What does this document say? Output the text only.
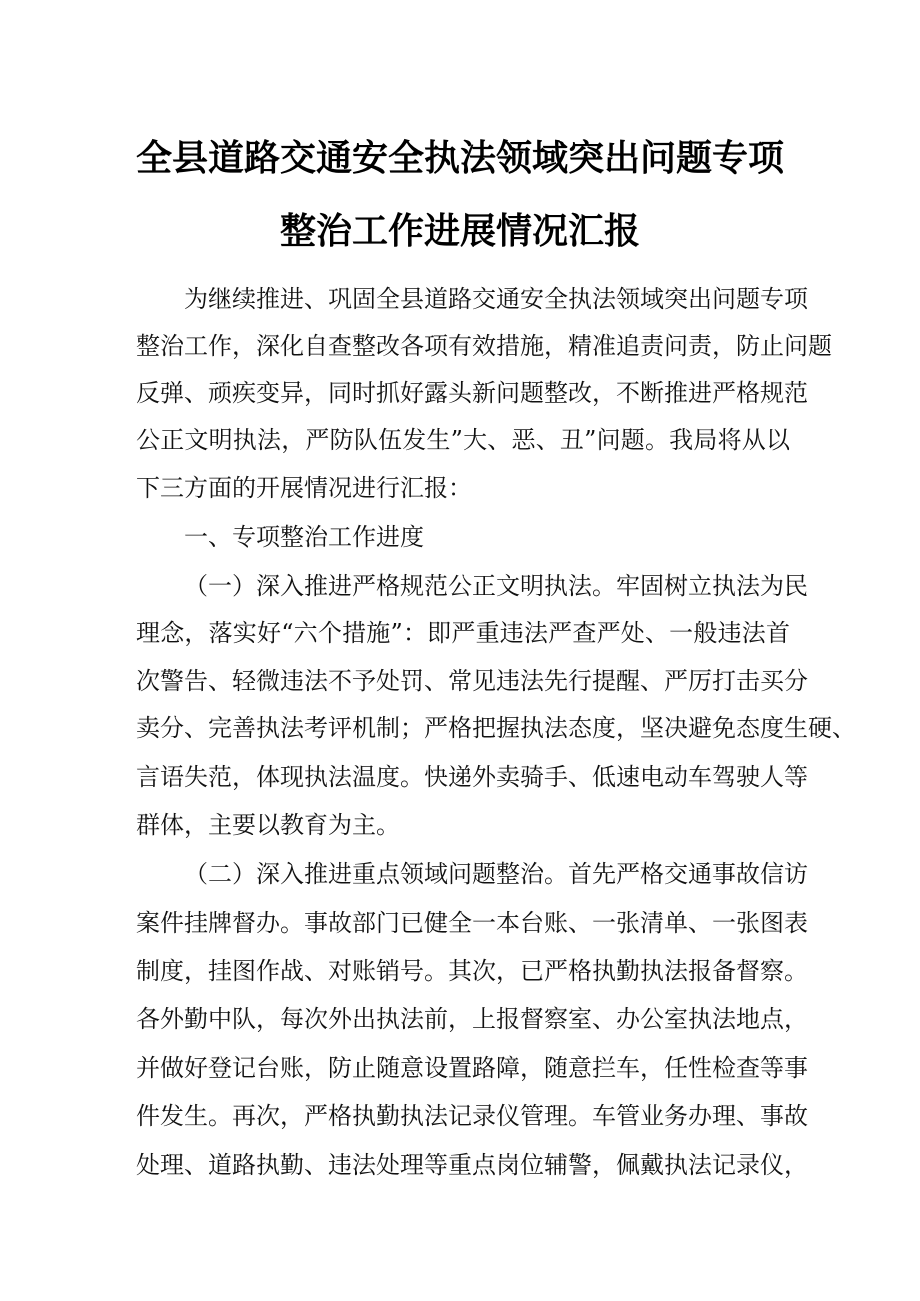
全县道路交通安全执法领域突出问题专项
整治工作进展情况汇报
为继续推进、巩固全县道路交通安全执法领域突出问题专项
整治工作，深化自查整改各项有效措施，精准追责问责，防止问题
反弹、顽疾变异，同时抓好露头新问题整改，不断推进严格规范
公正文明执法，严防队伍发生”大、恶、丑”问题。我局将从以
下三方面的开展情况进行汇报：
一、专项整治工作进度
（一）深入推进严格规范公正文明执法。牢固树立执法为民
理念，落实好“六个措施”：即严重违法严查严处、一般违法首
次警告、轻微违法不予处罚、常见违法先行提醒、严厉打击买分
卖分、完善执法考评机制；严格把握执法态度，坚决避免态度生硬、
言语失范，体现执法温度。快递外卖骑手、低速电动车驾驶人等
群体，主要以教育为主。
（二）深入推进重点领域问题整治。首先严格交通事故信访
案件挂牌督办。事故部门已健全一本台账、一张清单、一张图表
制度，挂图作战、对账销号。其次，已严格执勤执法报备督察。
各外勤中队，每次外出执法前，上报督察室、办公室执法地点，
并做好登记台账，防止随意设置路障，随意拦车，任性检查等事
件发生。再次，严格执勤执法记录仪管理。车管业务办理、事故
处理、道路执勤、违法处理等重点岗位辅警，佩戴执法记录仪，
